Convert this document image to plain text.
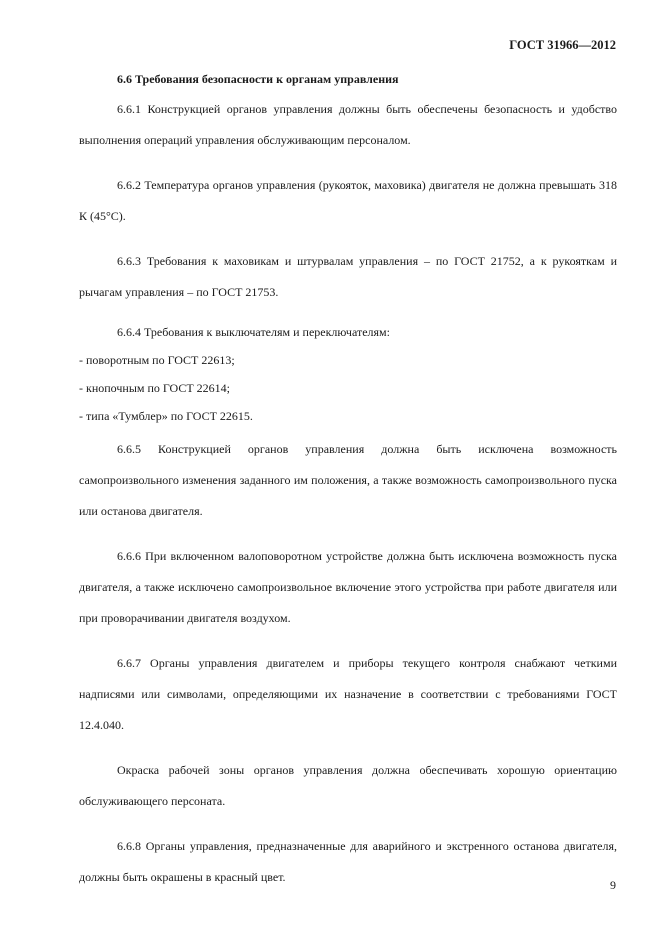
ГОСТ 31966—2012

6.6 Требования безопасности к органам управления

6.6.1 Конструкцией органов управления должны быть обеспечены безопасность и удобство выполнения операций управления обслуживающим персоналом.

6.6.2 Температура органов управления (рукояток, маховика) двигателя не должна превышать 318 К (45°С).

6.6.3 Требования к маховикам и штурвалам управления – по ГОСТ 21752, а к рукояткам и рычагам управления – по ГОСТ 21753.

6.6.4 Требования к выключателям и переключателям:

- поворотным по ГОСТ 22613;

- кнопочным по ГОСТ 22614;

- типа «Тумблер» по ГОСТ 22615.

6.6.5 Конструкцией органов управления должна быть исключена возможность самопроизвольного изменения заданного им положения, а также возможность самопроизвольного пуска или останова двигателя.

6.6.6 При включенном валоповоротном устройстве должна быть исключена возможность пуска двигателя, а также исключено самопроизвольное включение этого устройства при работе двигателя или при проворачивании двигателя воздухом.

6.6.7 Органы управления двигателем и приборы текущего контроля снабжают четкими надписями или символами, определяющими их назначение в соответствии с требованиями ГОСТ 12.4.040.

Окраска рабочей зоны органов управления должна обеспечивать хорошую ориентацию обслуживающего персоната.

6.6.8 Органы управления, предназначенные для аварийного и экстренного останова двигателя, должны быть окрашены в красный цвет.

9
